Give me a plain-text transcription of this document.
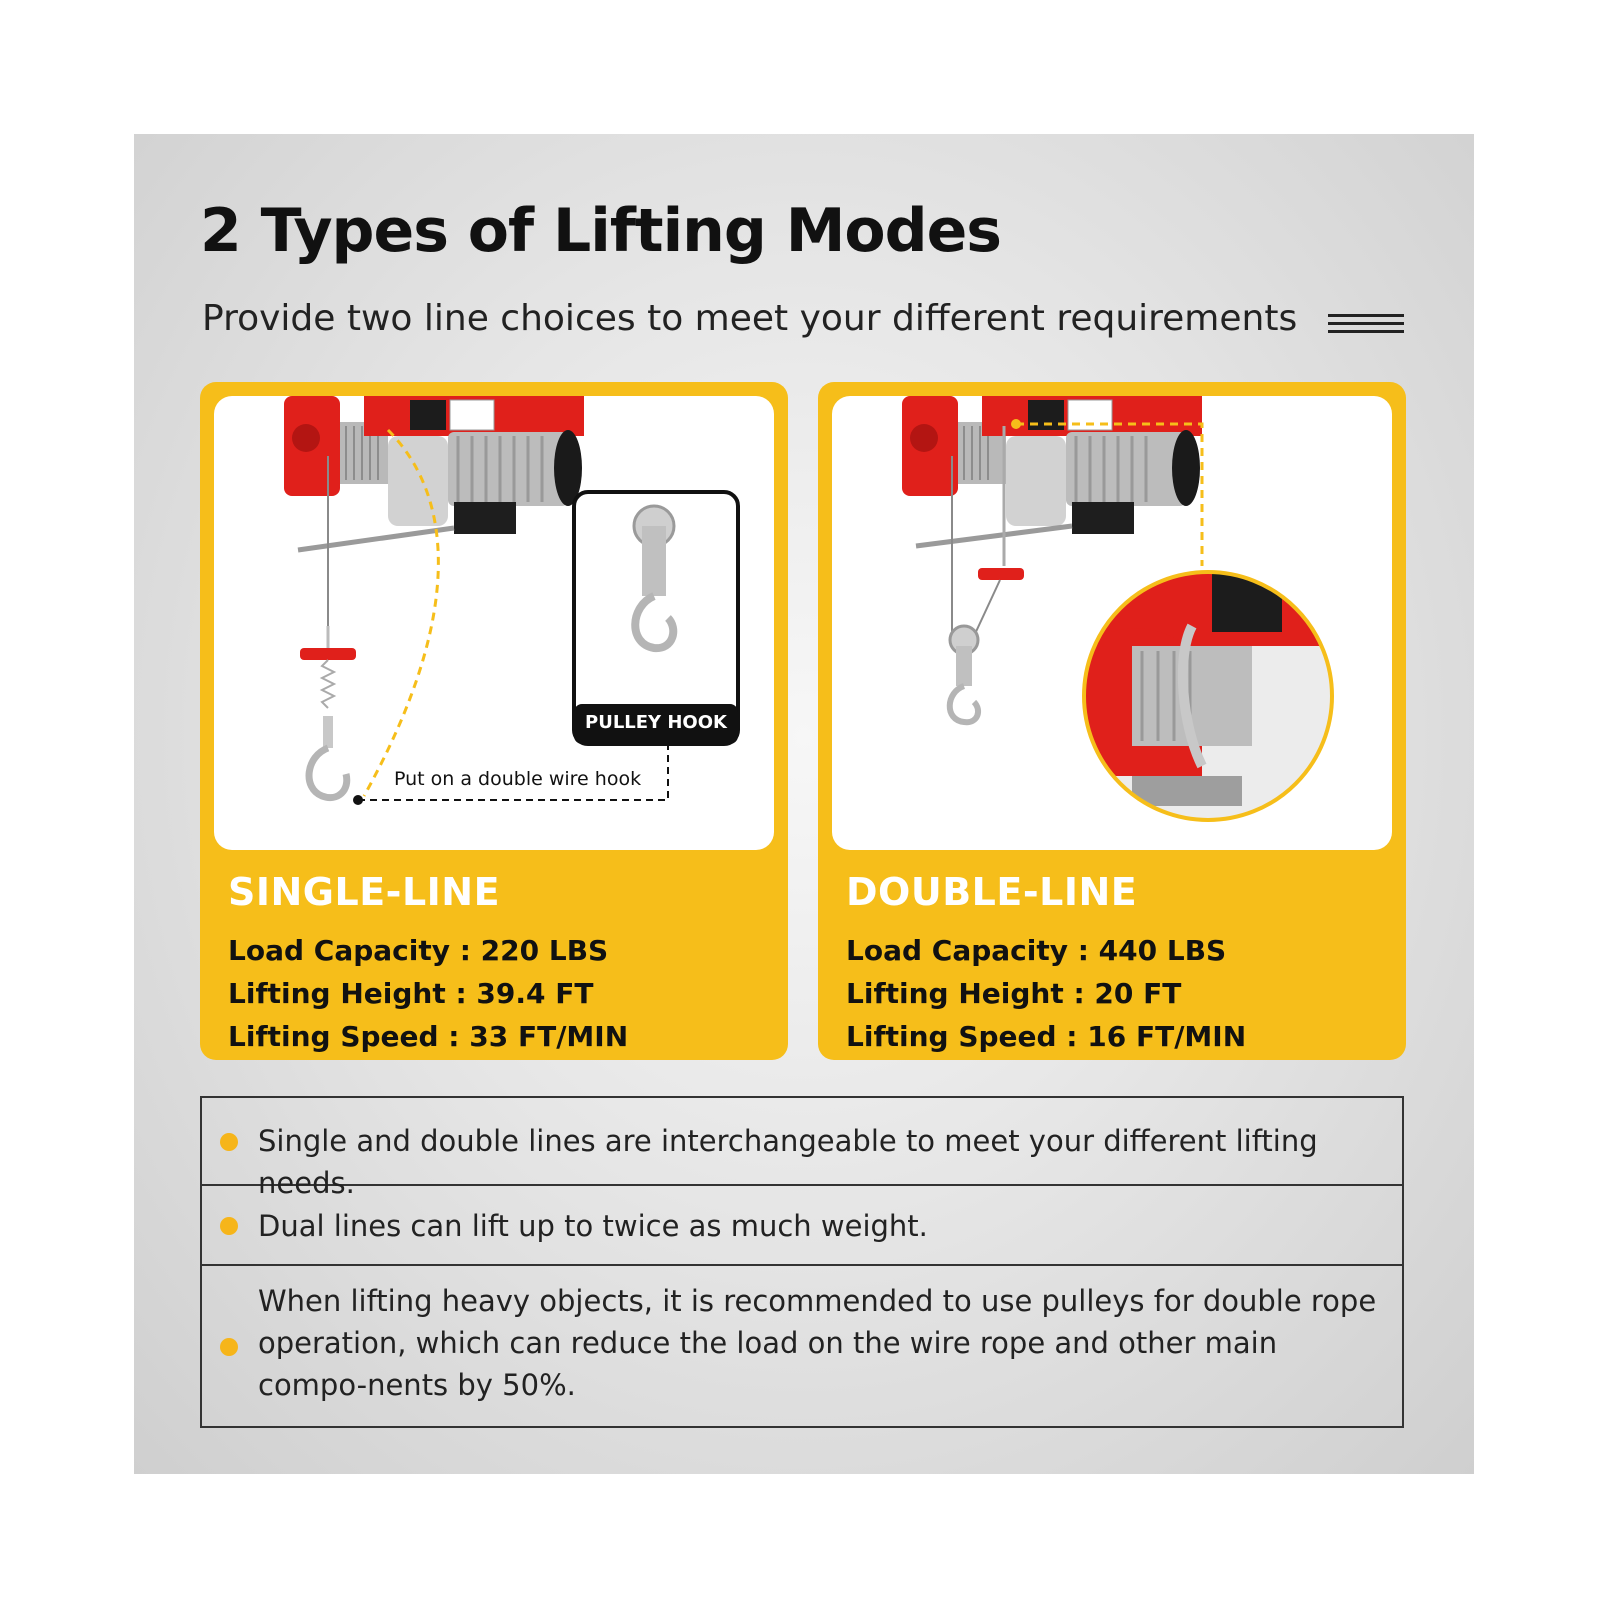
2 Types of Lifting Modes
Provide two line choices to meet your different requirements
PULLEY HOOK
Put on a double wire hook
SINGLE-LINE
Load Capacity : 220 LBS
Lifting Height : 39.4 FT
Lifting Speed : 33 FT/MIN
DOUBLE-LINE
Load Capacity : 440 LBS
Lifting Height : 20 FT
Lifting Speed : 16 FT/MIN
Single and double lines are interchangeable to meet your different lifting needs.
Dual lines can lift up to twice as much weight.
When lifting heavy objects, it is recommended to use pulleys for double rope operation, which can reduce the load on the wire rope and other main compo-nents by 50%.
